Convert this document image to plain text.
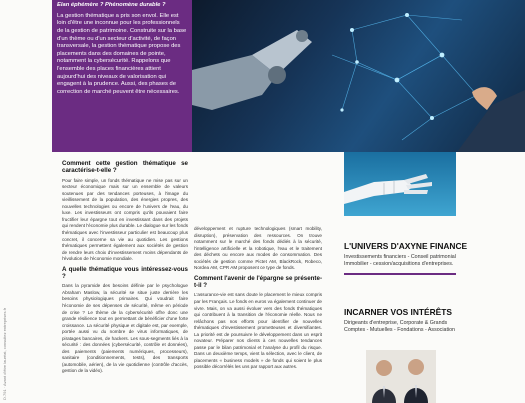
D.791 · Avant d'être lauréat, consultez entreprises.fr

Elan éphémère ? Phénomène durable ?

La gestion thématique a pris son envol. Elle est loin d'être une inconnue pour les professionnels de la gestion de patrimoine. Construite sur la base d'un thème ou d'un secteur d'activité, de façon transversale, la gestion thématique propose des placements dans des domaines de pointe, notamment la cybersécurité. Rappelons que l'ensemble des places financières attient aujourd'hui des niveaux de valorisation qui engagent à la prudence. Aussi, des phases de correction de marché peuvent être nécessaires.

Comment cette gestion thématique se caractérise-t-elle ?

Pour faire simple, un fonds thématique ne mise pas sur un secteur économique mais sur un ensemble de valeurs soutenues par des tendances porteuses, à l'image du vieillissement de la population, des énergies propres, des nouvelles technologies ou encore de l'univers de l'eau, du luxe. Les investisseurs ont compris qu'ils pouvaient faire fructifier leur épargne tout en investissant dans des projets qui rendent l'économie plus durable. Le dialogue sur les fonds thématiques avec l'investisseur particulier est beaucoup plus concret, il concerne sa vie au quotidien. Les gestions thématiques permettent également aux sociétés de gestion de rendre leurs choix d'investissement moins dépendants de l'évolution de l'économie mondiale.

A quelle thématique vous intéressez-vous ?

Dans la pyramide des besoins définie par le psychologue Abraham Maslow, la sécurité se situe juste derrière les besoins physiologiques primaires. Qui voudrait faire l'économie de ses dépenses de sécurité, même en période de crise ? Le thème de la cybersécurité offre donc une grande résilience tout en permettant de bénéficier d'une forte croissance. La sécurité physique et digitale est, par exemple, portée aussi vu du nombre de virus informatiques, de piratages bancaires, de hackers. Les sous-segments liés à la sécurité : des données (cybersécurité, contrôle et données), des paiements (paiements numériques, processeurs), sanitaire (conditionnements, tests), des transports (automobile, aérien), de la vie quotidienne (contrôle d'accès, gestion de la vidéo).

développement et rupture technologiques (smart mobility, disruption), préservation des ressources. On trouve notamment sur le marché des fonds dédiés à la sécurité, l'intelligence artificielle et la robotique, l'eau et le traitement des déchets ou encore aux modes de consommation. Des sociétés de gestion comme Pictet AM, BlackRock, Robeco, Nordea AM, CPR AM proposent ce type de fonds.

Comment l'avenir de l'épargne se présente-t-il ?

L'assurance-vie est sans doute le placement le mieux compris par les Français. Le fonds en euros va également continuer de vivre. Mais, on va aussi évoluer vers des fonds thématiques qui contribuent à la transition de l'économie réelle. Nous ne relâchons pas nos efforts pour identifier de nouvelles thématiques d'investissement prometteuses et diversifiantes. La priorité est de poursuivre le développement dans un esprit novateur. Préparer nos clients à ces nouvelles tendances passe par le bilan patrimonial et l'analyse du profil du risque. Dans un deuxième temps, vient la sélection, avec le client, de placements « business models » de fonds qui soient le plus possible décorrélés les uns par rapport aux autres.

L'UNIVERS D'AXYNE FINANCE

Investissements financiers - Conseil patrimonial Immobilier - cession/acquisitions d'entreprises.

INCARNER VOS INTÉRÊTS

Dirigeants d'entreprise, Corporate & Grands Comptes - Mutuelles - Fondations - Association
